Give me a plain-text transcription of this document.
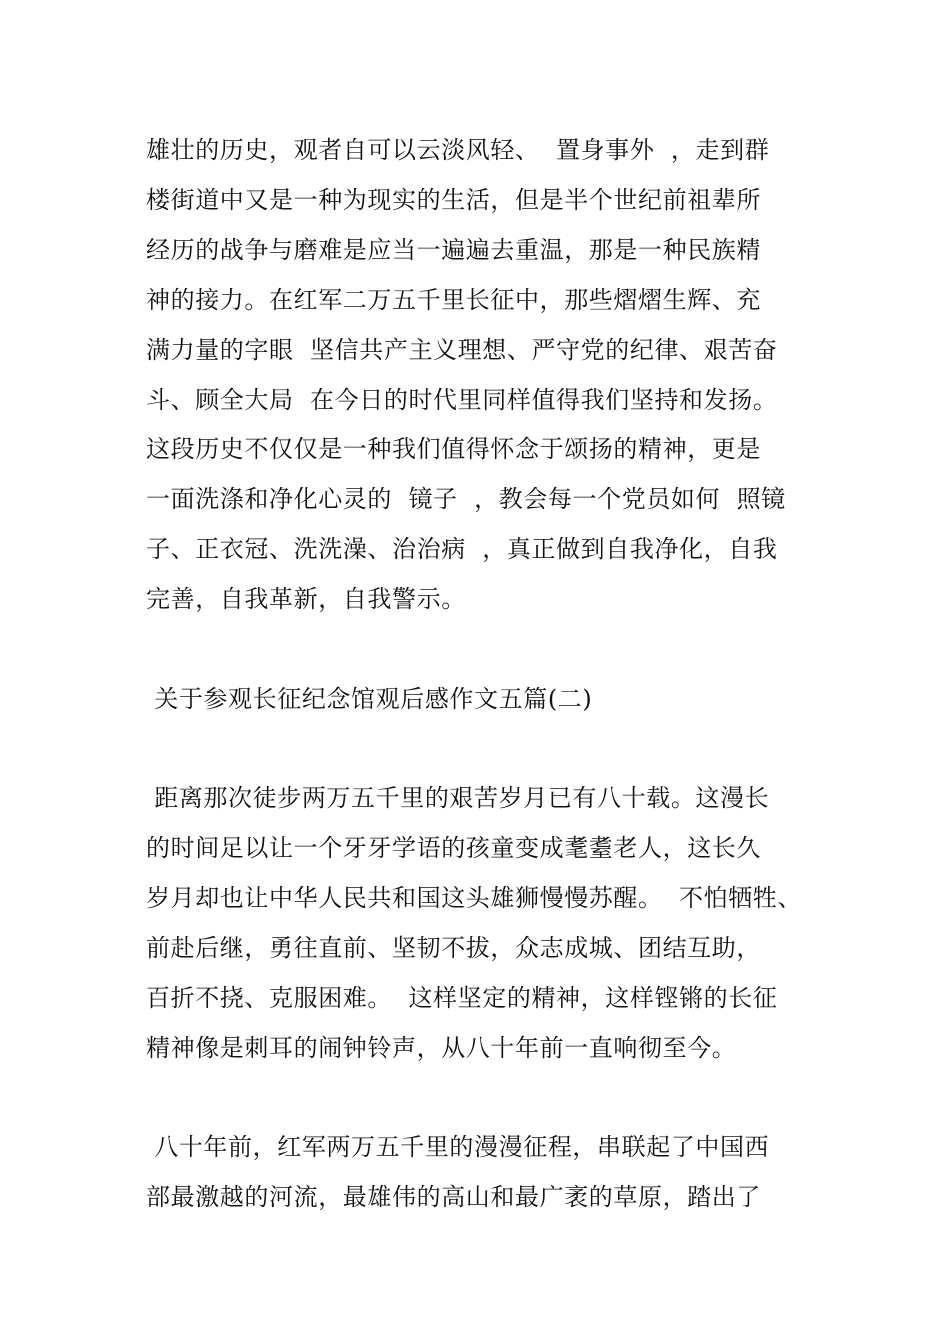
雄壮的历史，观者自可以云淡风轻、  置身事外  ，走到群
楼街道中又是一种为现实的生活，但是半个世纪前祖辈所
经历的战争与磨难是应当一遍遍去重温，那是一种民族精
神的接力。在红军二万五千里长征中，那些熠熠生辉、充
满力量的字眼  坚信共产主义理想、严守党的纪律、艰苦奋
斗、顾全大局  在今日的时代里同样值得我们坚持和发扬。
这段历史不仅仅是一种我们值得怀念于颂扬的精神，更是
一面洗涤和净化心灵的  镜子  ，教会每一个党员如何  照镜
子、正衣冠、洗洗澡、治治病  ，真正做到自我净化，自我
完善，自我革新，自我警示。
关于参观长征纪念馆观后感作文五篇(二)
距离那次徒步两万五千里的艰苦岁月已有八十载。这漫长
的时间足以让一个牙牙学语的孩童变成耄耋老人，这长久
岁月却也让中华人民共和国这头雄狮慢慢苏醒。  不怕牺牲、
前赴后继，勇往直前、坚韧不拔，众志成城、团结互助，
百折不挠、克服困难。  这样坚定的精神，这样铿锵的长征
精神像是刺耳的闹钟铃声，从八十年前一直响彻至今。
八十年前，红军两万五千里的漫漫征程，串联起了中国西
部最激越的河流，最雄伟的高山和最广袤的草原，踏出了
